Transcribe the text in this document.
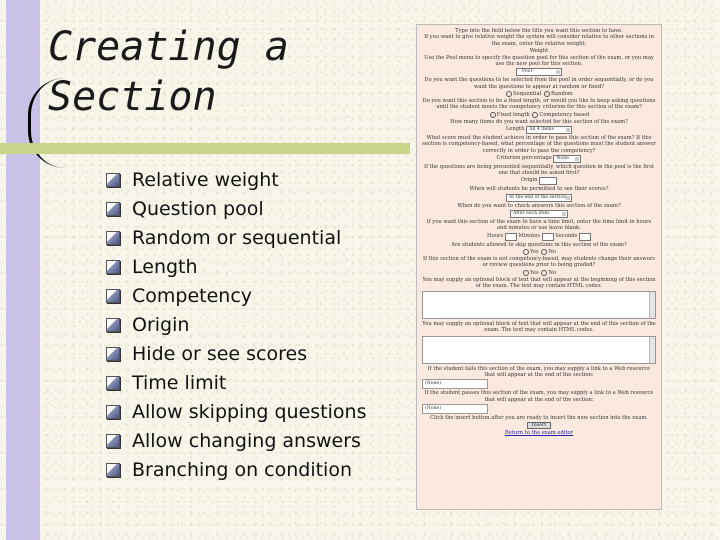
Creating a
Section
Relative weight
Question pool
Random or sequential
Length
Competency
Origin
Hide or see scores
Time limit
Allow skipping questions
Allow changing answers
Branching on condition
Type into the field below the title you want this section to have.
If you want to give relative weight the system will consider relative to other sections in the exam, enter the relative weight:
Weight
Use the Pool menu to specify the question pool for this section of the exam, or you may use the new pool for this section.
- Pool -
Do you want the questions to be selected from the pool in order sequentially, or do you want the questions to appear at random or fixed?
Sequential
Random
Do you want this section to be a fixed length, or would you like to keep asking questions until the student meets the competency criterion for this section of the exam?
Fixed length
Competency based
How many items do you want selected for this section of the exam?
Length
	All 4 items
What score must the student achieve in order to pass this section of the exam? If this section is competency-based, what percentage of the questions must the student answer correctly in order to pass the competency?
Criterion percentage
	None
If the questions are being presented sequentially, which question in the pool is the first one that should be asked first?
Origin

When will students be permitted to see their scores?
At the end of the section
When do you want to check answers this section of the exam?
After each item
If you want this section of the exam to have a time limit, enter the time limit in hours and minutes or use leave blank:
Hours

	Minutes

	Seconds

Are students allowed to skip questions in this section of the exam?
Yes
No
If this section of the exam is not competency-based, may students change their answers or review questions prior to being graded?
Yes
No
You may supply an optional block of text that will appear at the beginning of this section of the exam. The text may contain HTML codes.
You may supply an optional block of text that will appear at the end of this section of the exam. The text may contain HTML codes.
If the student fails this section of the exam, you may supply a link to a Web resource that will appear at the end of the section:
(None)
If the student passes this section of the exam, you may supply a link to a Web resource that will appear at the end of the section:
(None)
Click the insert button after you are ready to insert the new section into the exam.
Insert
Return to the exam editor
